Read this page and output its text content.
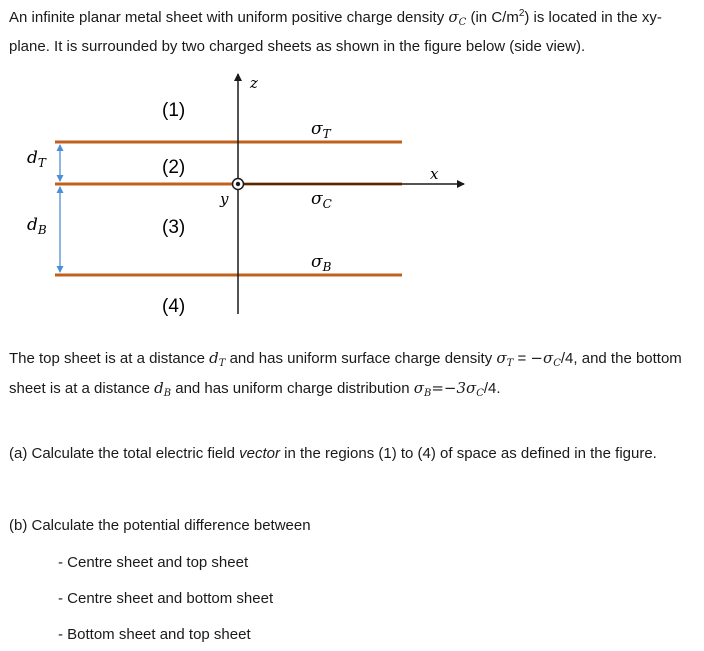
An infinite planar metal sheet with uniform positive charge density $\sigma_C$ (in $C/m^2$) is located in the xy-plane. It is surrounded by two charged sheets as shown in the figure below (side view).

z
x
y
(1)
(2)
(3)
(4)
$\sigma_T$
$\sigma_C$
$\sigma_B$
$d_T$
$d_B$

The top sheet is at a distance $d_T$ and has uniform surface charge density $\sigma_T = -\sigma_C/4$, and the bottom sheet is at a distance $d_B$ and has uniform charge distribution $\sigma_B=-3\sigma_C/4$.

(a) Calculate the total electric field vector in the regions (1) to (4) of space as defined in the figure.

(b) Calculate the potential difference between

- Centre sheet and top sheet
- Centre sheet and bottom sheet
- Bottom sheet and top sheet
